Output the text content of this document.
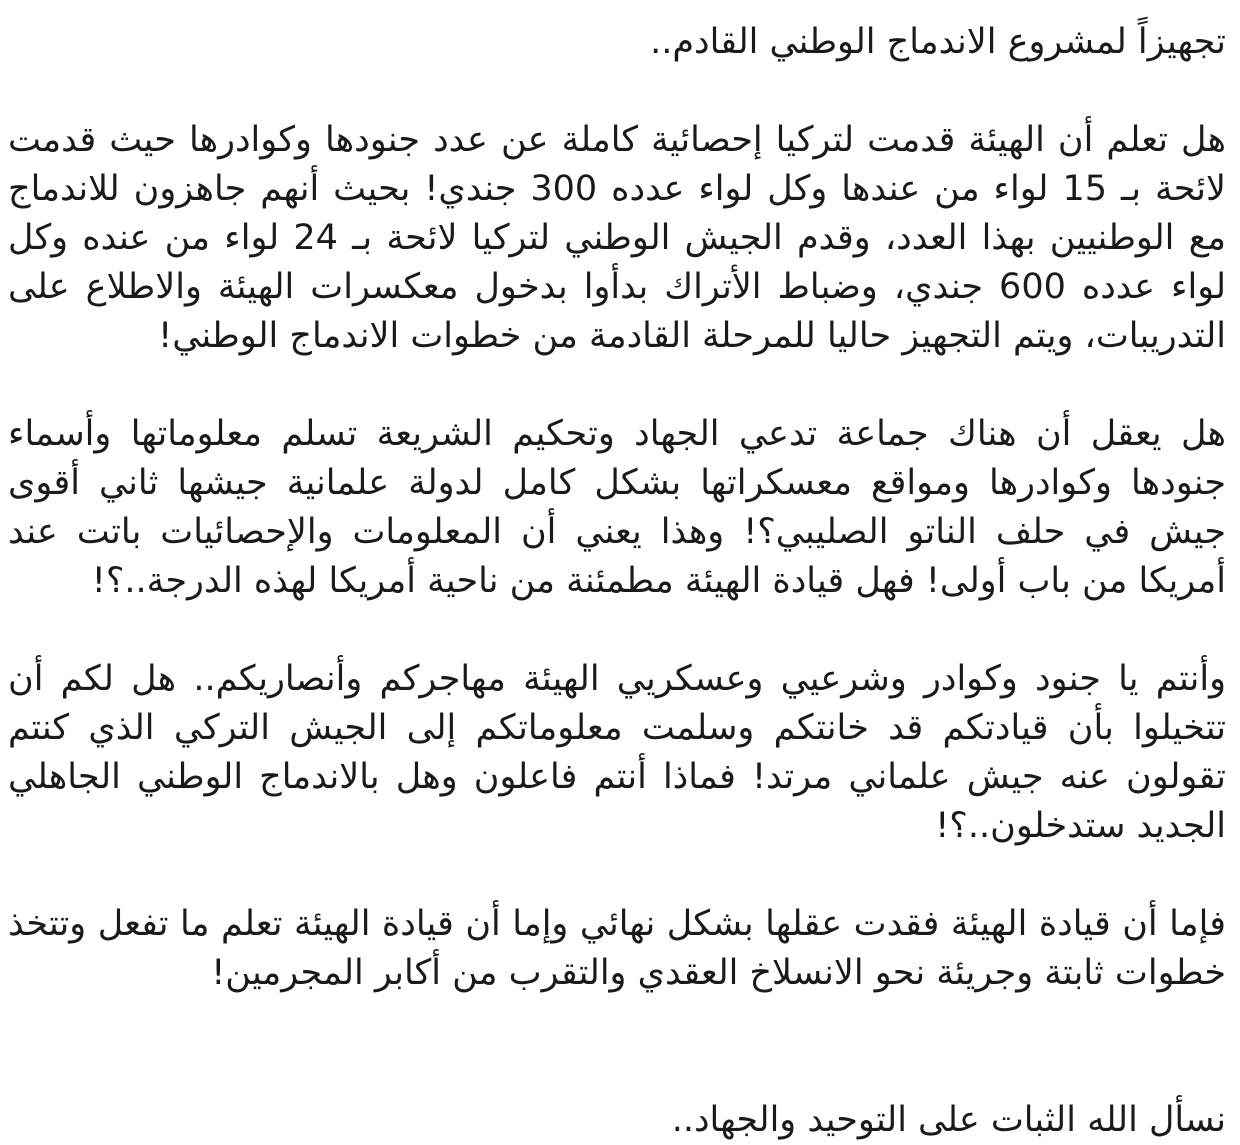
تجهيزاً لمشروع الاندماج الوطني القادم..

هل تعلم أن الهيئة قدمت لتركيا إحصائية كاملة عن عدد جنودها وكوادرها حيث قدمت لائحة بـ 15 لواء من عندها وكل لواء عدده 300 جندي! بحيث أنهم جاهزون للاندماج مع الوطنيين بهذا العدد، وقدم الجيش الوطني لتركيا لائحة بـ 24 لواء من عنده وكل لواء عدده 600 جندي، وضباط الأتراك بدأوا بدخول معكسرات الهيئة والاطلاع على التدريبات، ويتم التجهيز حاليا للمرحلة القادمة من خطوات الاندماج الوطني!

هل يعقل أن هناك جماعة تدعي الجهاد وتحكيم الشريعة تسلم معلوماتها وأسماء جنودها وكوادرها ومواقع معسكراتها بشكل كامل لدولة علمانية جيشها ثاني أقوى جيش في حلف الناتو الصليبي؟! وهذا يعني أن المعلومات والإحصائيات باتت عند أمريكا من باب أولى! فهل قيادة الهيئة مطمئنة من ناحية أمريكا لهذه الدرجة..؟!

وأنتم يا جنود وكوادر وشرعيي وعسكريي الهيئة مهاجركم وأنصاريكم.. هل لكم أن تتخيلوا بأن قيادتكم قد خانتكم وسلمت معلوماتكم إلى الجيش التركي الذي كنتم تقولون عنه جيش علماني مرتد! فماذا أنتم فاعلون وهل بالاندماج الوطني الجاهلي الجديد ستدخلون..؟!

فإما أن قيادة الهيئة فقدت عقلها بشكل نهائي وإما أن قيادة الهيئة تعلم ما تفعل وتتخذ خطوات ثابتة وجريئة نحو الانسلاخ العقدي والتقرب من أكابر المجرمين!

نسأل الله الثبات على التوحيد والجهاد..
